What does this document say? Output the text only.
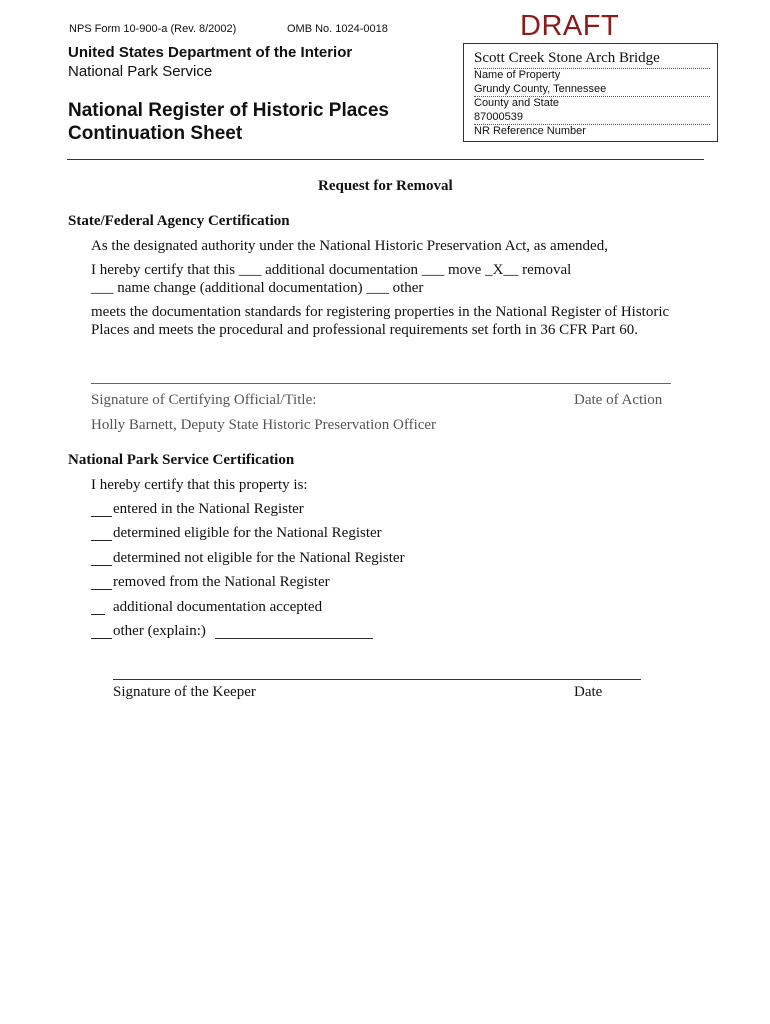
NPS Form 10-900-a (Rev. 8/2002)	OMB No. 1024-0018	DRAFT
United States Department of the Interior
National Park Service
National Register of Historic Places
Continuation Sheet
Scott Creek Stone Arch Bridge
Name of Property
Grundy County, Tennessee
County and State
87000539
NR Reference Number
Request for Removal
State/Federal Agency Certification
As the designated authority under the National Historic Preservation Act, as amended,
I hereby certify that this ___ additional documentation ___ move _X__ removal
___ name change (additional documentation) ___ other
meets the documentation standards for registering properties in the National Register of Historic
Places and meets the procedural and professional requirements set forth in 36 CFR Part 60.
Signature of Certifying Official/Title:	Date of Action
Holly Barnett, Deputy State Historic Preservation Officer
National Park Service Certification
I hereby certify that this property is:
entered in the National Register
determined eligible for the National Register
determined not eligible for the National Register
removed from the National Register
additional documentation accepted
other (explain:)
Signature of the Keeper	Date
